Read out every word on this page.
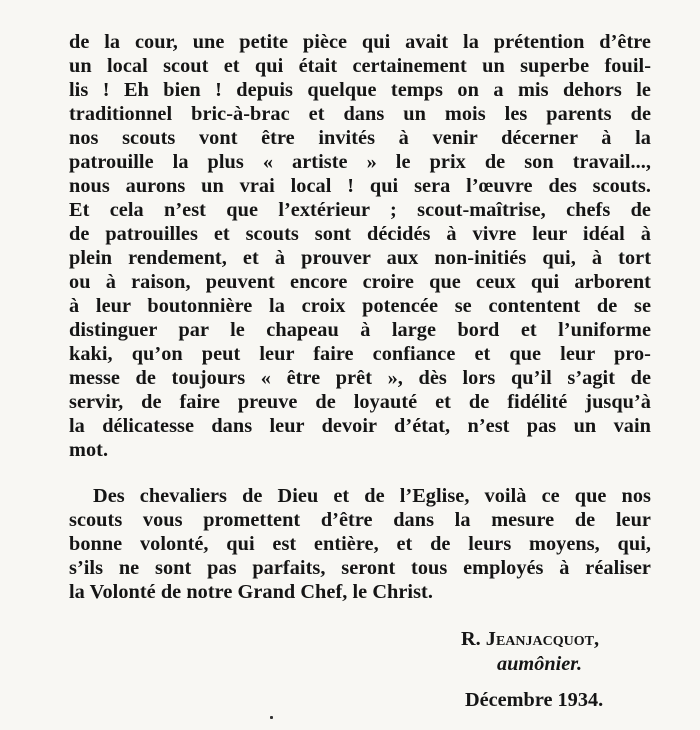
de la cour, une petite pièce qui avait la prétention d’être
un local scout et qui était certainement un superbe fouil-
lis ! Eh bien ! depuis quelque temps on a mis dehors le
traditionnel bric-à-brac et dans un mois les parents de
nos scouts vont être invités à venir décerner à la
patrouille la plus « artiste » le prix de son travail...,
nous aurons un vrai local ! qui sera l’œuvre des scouts.
Et cela n’est que l’extérieur ; scout-maîtrise, chefs de
de patrouilles et scouts sont décidés à vivre leur idéal à
plein rendement, et à prouver aux non-initiés qui, à tort
ou à raison, peuvent encore croire que ceux qui arborent
à leur boutonnière la croix potencée se contentent de se
distinguer par le chapeau à large bord et l’uniforme
kaki, qu’on peut leur faire confiance et que leur pro-
messe de toujours « être prêt », dès lors qu’il s’agit de
servir, de faire preuve de loyauté et de fidélité jusqu’à
la délicatesse dans leur devoir d’état, n’est pas un vain
mot.
Des chevaliers de Dieu et de l’Eglise, voilà ce que nos
scouts vous promettent d’être dans la mesure de leur
bonne volonté, qui est entière, et de leurs moyens, qui,
s’ils ne sont pas parfaits, seront tous employés à réaliser
la Volonté de notre Grand Chef, le Christ.
R. Jeanjacquot,
aumônier.
Décembre 1934.
